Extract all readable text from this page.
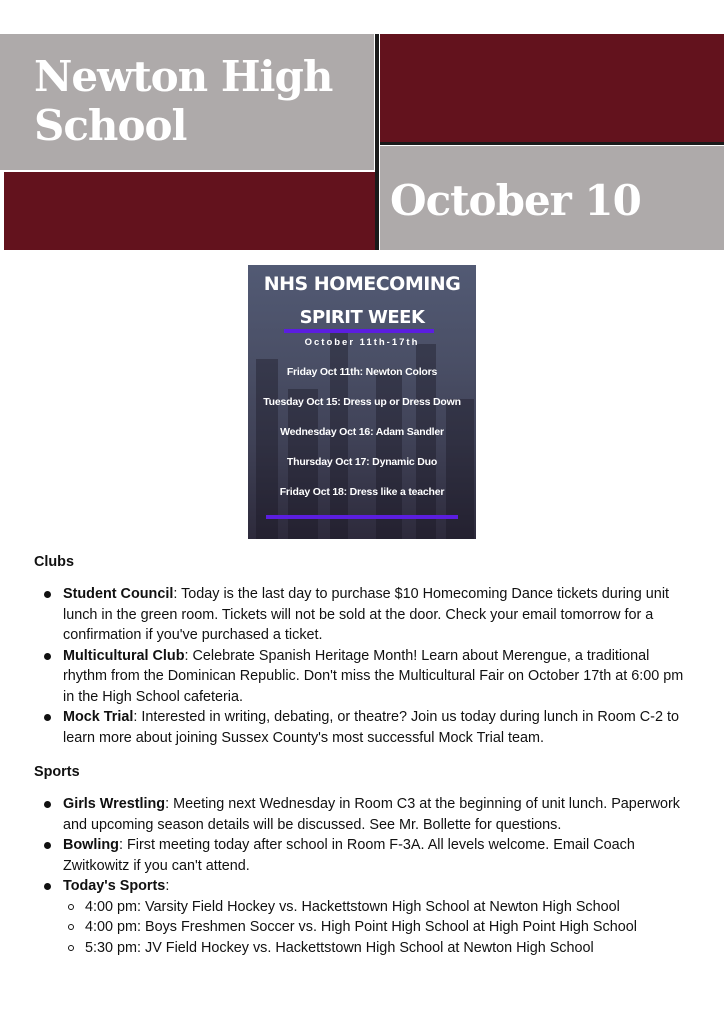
Newton High School
October 10
NHS HOMECOMING
SPIRIT WEEK
October 11th-17th
Friday Oct 11th: Newton Colors
Tuesday Oct 15: Dress up or Dress Down
Wednesday Oct 16: Adam Sandler
Thursday Oct 17: Dynamic Duo
Friday Oct 18: Dress like a teacher

Clubs

Student Council: Today is the last day to purchase $10 Homecoming Dance tickets during unit lunch in the green room. Tickets will not be sold at the door. Check your email tomorrow for a confirmation if you've purchased a ticket.
Multicultural Club: Celebrate Spanish Heritage Month! Learn about Merengue, a traditional rhythm from the Dominican Republic. Don't miss the Multicultural Fair on October 17th at 6:00 pm in the High School cafeteria.
Mock Trial: Interested in writing, debating, or theatre? Join us today during lunch in Room C-2 to learn more about joining Sussex County's most successful Mock Trial team.

Sports

Girls Wrestling: Meeting next Wednesday in Room C3 at the beginning of unit lunch. Paperwork and upcoming season details will be discussed. See Mr. Bollette for questions.
Bowling: First meeting today after school in Room F-3A. All levels welcome. Email Coach Zwitkowitz if you can't attend.
Today's Sports:
4:00 pm: Varsity Field Hockey vs. Hackettstown High School at Newton High School
4:00 pm: Boys Freshmen Soccer vs. High Point High School at High Point High School
5:30 pm: JV Field Hockey vs. Hackettstown High School at Newton High School
